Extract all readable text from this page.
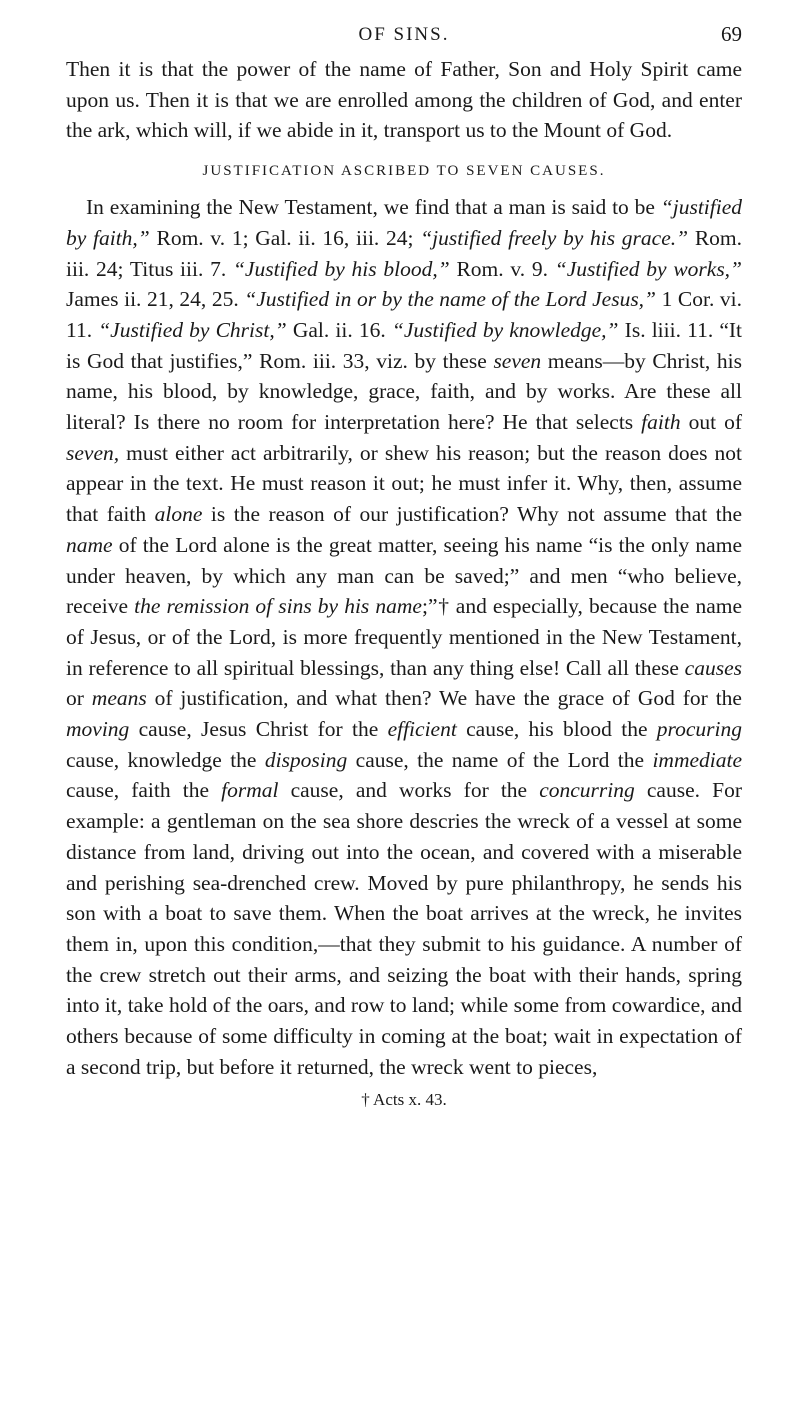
OF SINS.	69

Then it is that the power of the name of Father, Son and Holy Spirit came upon us. Then it is that we are enrolled among the children of God, and enter the ark, which will, if we abide in it, transport us to the Mount of God.

JUSTIFICATION ASCRIBED TO SEVEN CAUSES.

In examining the New Testament, we find that a man is said to be “justified by faith,” Rom. v. 1; Gal. ii. 16, iii. 24; “justified freely by his grace.” Rom. iii. 24; Titus iii. 7. “Justified by his blood,” Rom. v. 9. “Justified by works,” James ii. 21, 24, 25. “Justified in or by the name of the Lord Jesus,” 1 Cor. vi. 11. “Justified by Christ,” Gal. ii. 16. “Justified by knowledge,” Is. liii. 11. “It is God that justifies,” Rom. iii. 33, viz. by these seven means—by Christ, his name, his blood, by knowledge, grace, faith, and by works. Are these all literal? Is there no room for interpretation here? He that selects faith out of seven, must either act arbitrarily, or shew his reason; but the reason does not appear in the text. He must reason it out; he must infer it. Why, then, assume that faith alone is the reason of our justification? Why not assume that the name of the Lord alone is the great matter, seeing his name “is the only name under heaven, by which any man can be saved;” and men “who believe, receive the remission of sins by his name;”† and especially, because the name of Jesus, or of the Lord, is more frequently mentioned in the New Testament, in reference to all spiritual blessings, than any thing else! Call all these causes or means of justification, and what then? We have the grace of God for the moving cause, Jesus Christ for the efficient cause, his blood the procuring cause, knowledge the disposing cause, the name of the Lord the immediate cause, faith the formal cause, and works for the concurring cause. For example: a gentleman on the sea shore descries the wreck of a vessel at some distance from land, driving out into the ocean, and covered with a miserable and perishing sea-drenched crew. Moved by pure philanthropy, he sends his son with a boat to save them. When the boat arrives at the wreck, he invites them in, upon this condition,—that they submit to his guidance. A number of the crew stretch out their arms, and seizing the boat with their hands, spring into it, take hold of the oars, and row to land; while some from cowardice, and others because of some difficulty in coming at the boat; wait in expectation of a second trip, but before it returned, the wreck went to pieces,

† Acts x. 43.
